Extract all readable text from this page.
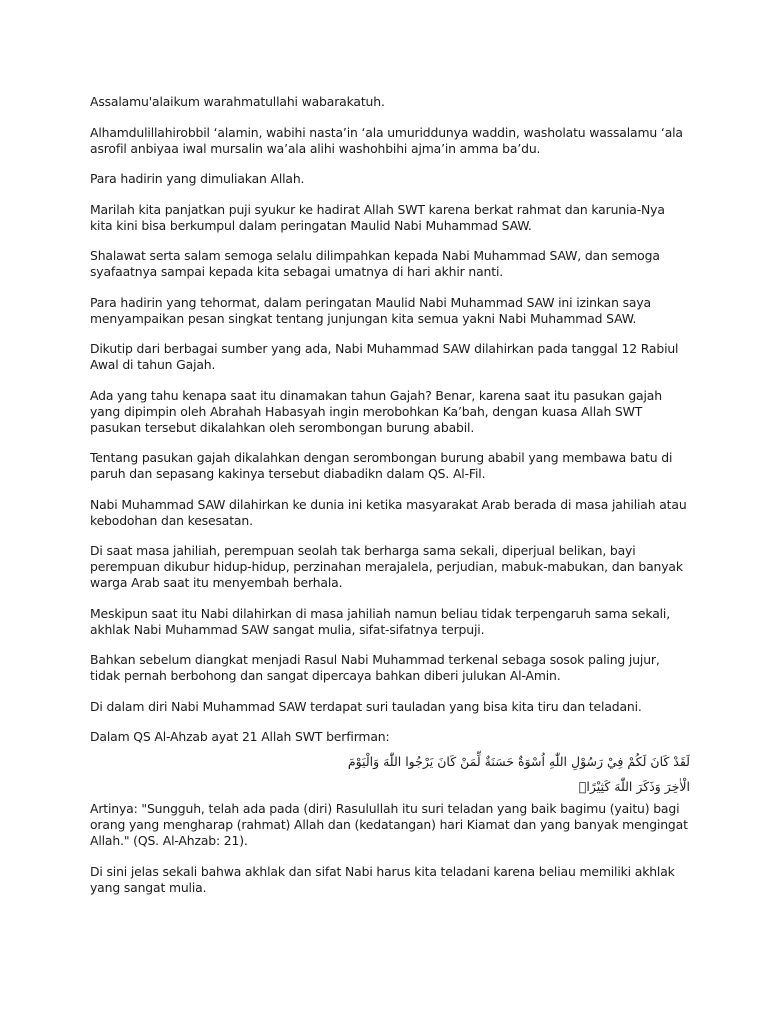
Assalamu'alaikum warahmatullahi wabarakatuh.

Alhamdulillahirobbil ‘alamin, wabihi nasta’in ‘ala umuriddunya waddin, washolatu wassalamu ‘ala asrofil anbiyaa iwal mursalin wa’ala alihi washohbihi ajma’in amma ba’du.

Para hadirin yang dimuliakan Allah.

Marilah kita panjatkan puji syukur ke hadirat Allah SWT karena berkat rahmat dan karunia-Nya kita kini bisa berkumpul dalam peringatan Maulid Nabi Muhammad SAW.

Shalawat serta salam semoga selalu dilimpahkan kepada Nabi Muhammad SAW, dan semoga syafaatnya sampai kepada kita sebagai umatnya di hari akhir nanti.

Para hadirin yang tehormat, dalam peringatan Maulid Nabi Muhammad SAW ini izinkan saya menyampaikan pesan singkat tentang junjungan kita semua yakni Nabi Muhammad SAW.

Dikutip dari berbagai sumber yang ada, Nabi Muhammad SAW dilahirkan pada tanggal 12 Rabiul Awal di tahun Gajah.

Ada yang tahu kenapa saat itu dinamakan tahun Gajah? Benar, karena saat itu pasukan gajah yang dipimpin oleh Abrahah Habasyah ingin merobohkan Ka’bah, dengan kuasa Allah SWT pasukan tersebut dikalahkan oleh serombongan burung ababil.

Tentang pasukan gajah dikalahkan dengan serombongan burung ababil yang membawa batu di paruh dan sepasang kakinya tersebut diabadikn dalam QS. Al-Fil.

Nabi Muhammad SAW dilahirkan ke dunia ini ketika masyarakat Arab berada di masa jahiliah atau kebodohan dan kesesatan.

Di saat masa jahiliah, perempuan seolah tak berharga sama sekali, diperjual belikan, bayi perempuan dikubur hidup-hidup, perzinahan merajalela, perjudian, mabuk-mabukan, dan banyak warga Arab saat itu menyembah berhala.

Meskipun saat itu Nabi dilahirkan di masa jahiliah namun beliau tidak terpengaruh sama sekali, akhlak Nabi Muhammad SAW sangat mulia, sifat-sifatnya terpuji.

Bahkan sebelum diangkat menjadi Rasul Nabi Muhammad terkenal sebaga sosok paling jujur, tidak pernah berbohong dan sangat dipercaya bahkan diberi julukan Al-Amin.

Di dalam diri Nabi Muhammad SAW terdapat suri tauladan yang bisa kita tiru dan teladani.

Dalam QS Al-Ahzab ayat 21 Allah SWT berfirman:

لَقَدْ كَانَ لَكُمْ فِيْ رَسُوْلِ اللّٰهِ اُسْوَةٌ حَسَنَةٌ لِّمَنْ كَانَ يَرْجُوا اللّٰهَ وَالْيَوْمَ
الْاٰخِرَ وَذَكَرَ اللّٰهَ كَثِيْرًاۗ

Artinya: "Sungguh, telah ada pada (diri) Rasulullah itu suri teladan yang baik bagimu (yaitu) bagi orang yang mengharap (rahmat) Allah dan (kedatangan) hari Kiamat dan yang banyak mengingat Allah." (QS. Al-Ahzab: 21).

Di sini jelas sekali bahwa akhlak dan sifat Nabi harus kita teladani karena beliau memiliki akhlak yang sangat mulia.
